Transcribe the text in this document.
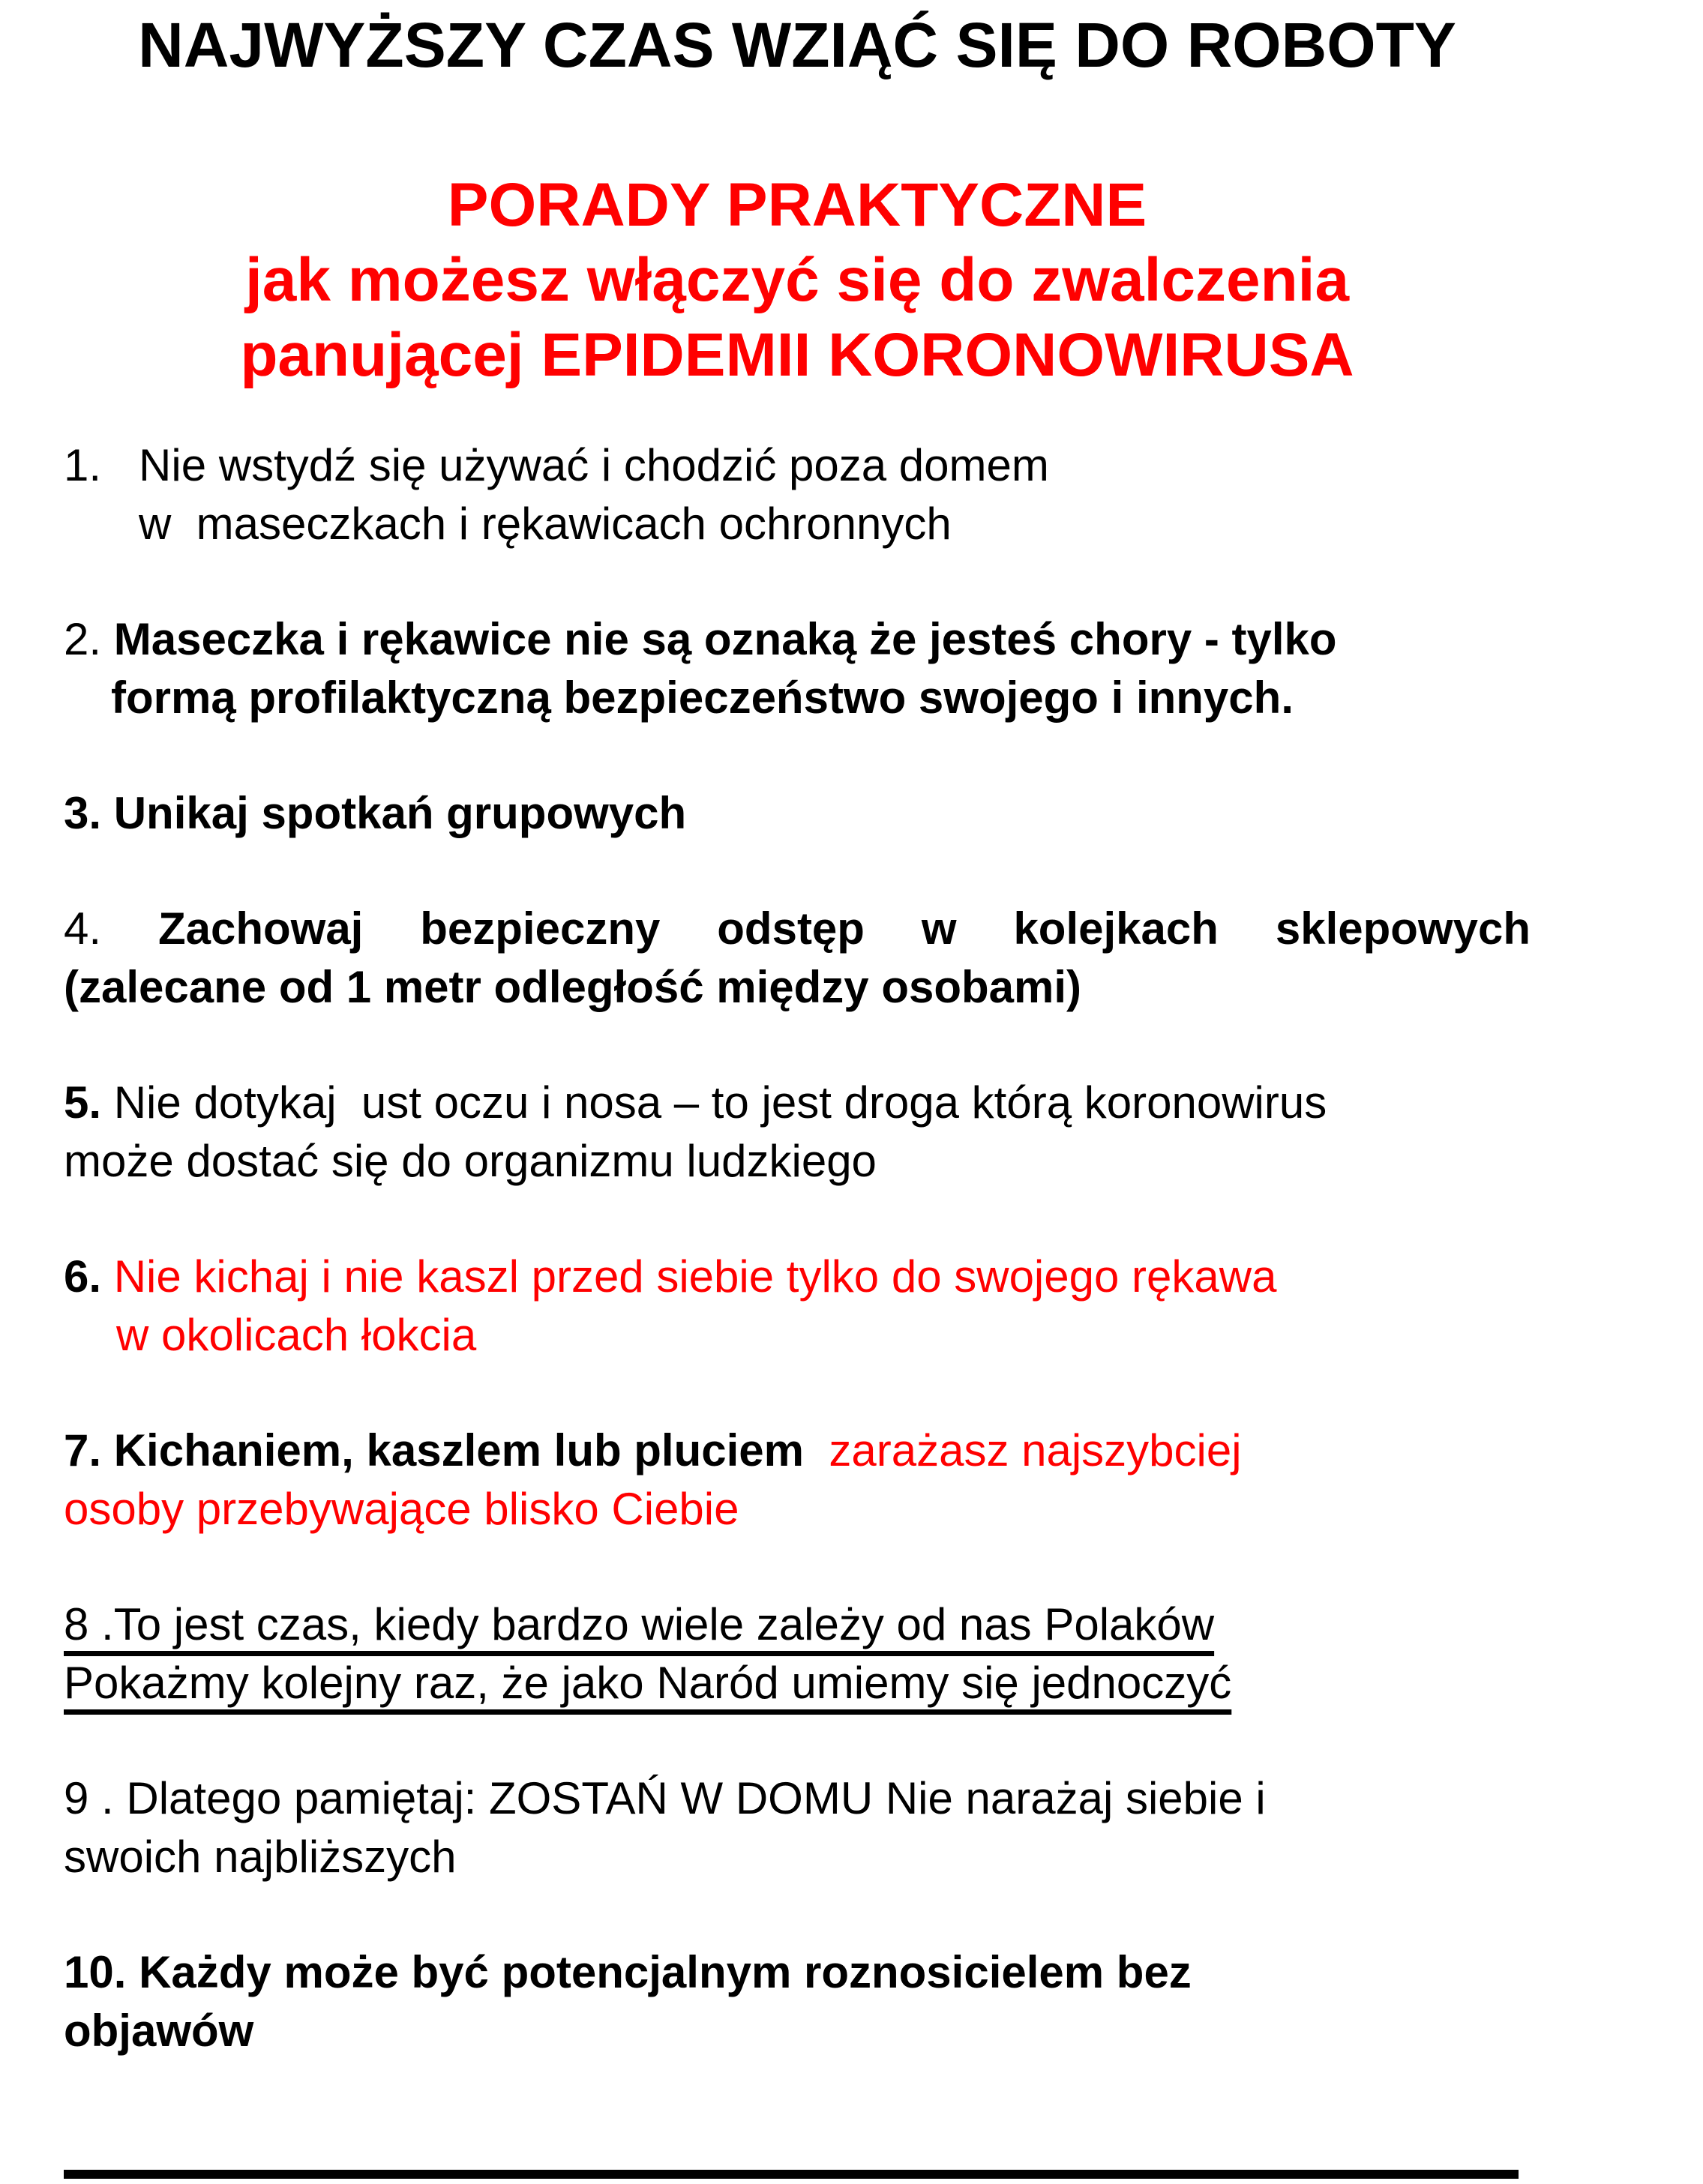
NAJWYŻSZY CZAS WZIĄĆ SIĘ DO ROBOTY
PORADY PRAKTYCZNE
jak możesz włączyć się do zwalczenia
panującej EPIDEMII KORONOWIRUSA
1.   Nie wstydź się używać i chodzić poza domem
w  maseczkach i rękawicach ochronnych
2. Maseczka i rękawice nie są oznaką że jesteś chory - tylko
formą profilaktyczną bezpieczeństwo swojego i innych.
3. Unikaj spotkań grupowych
4. Zachowaj bezpieczny odstęp w kolejkach sklepowych
(zalecane od 1 metr odległość między osobami)
5. Nie dotykaj  ust oczu i nosa – to jest droga którą koronowirus
może dostać się do organizmu ludzkiego
6. Nie kichaj i nie kaszl przed siebie tylko do swojego rękawa
w okolicach łokcia
7. Kichaniem, kaszlem lub pluciem  zarażasz najszybciej
osoby przebywające blisko Ciebie
8 .To jest czas, kiedy bardzo wiele zależy od nas Polaków
Pokażmy kolejny raz, że jako Naród umiemy się jednoczyć
9 . Dlatego pamiętaj: ZOSTAŃ W DOMU Nie narażaj siebie i
swoich najbliższych
10. Każdy może być potencjalnym roznosicielem bez
objawów
